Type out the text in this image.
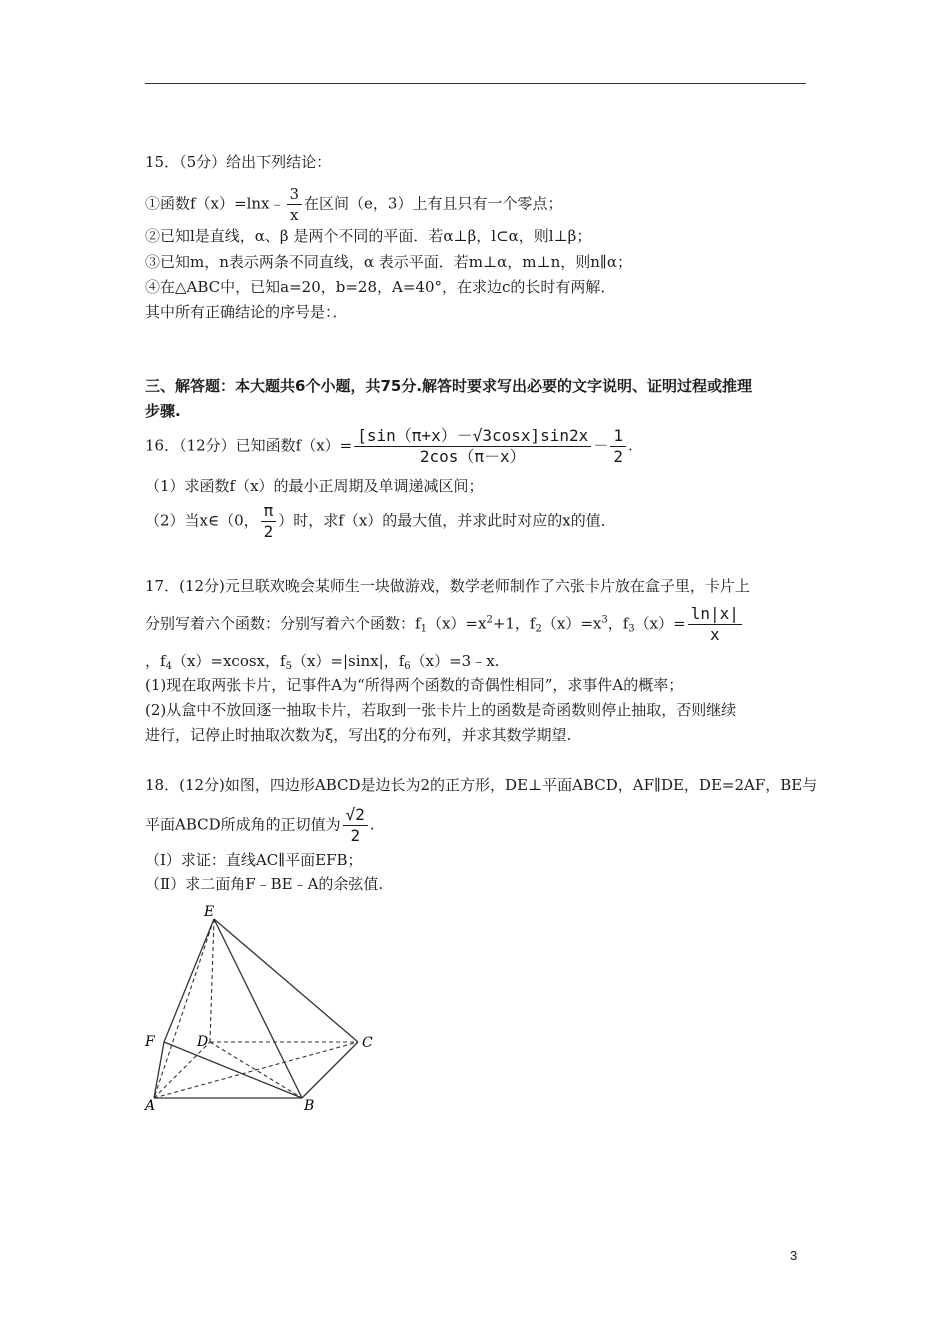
15．（5分）给出下列结论：
①函数f（x）=lnx﹣ $\frac{3}{x}$ 在区间（e，3）上有且只有一个零点；
②已知l是直线，α、β 是两个不同的平面．若α⊥β，l⊂α，则l⊥β；
③已知m，n表示两条不同直线，α 表示平面．若m⊥α，m⊥n，则n∥α；
④在△ABC中，已知a=20，b=28，A=40°，在求边c的长时有两解．
其中所有正确结论的序号是：．
三、解答题：本大题共6个小题，共75分.解答时要求写出必要的文字说明、证明过程或推理
步骤.
16．（12分）已知函数$f(x)= \frac{[\sin(\pi+x)-√3\cos x]\sin 2x}{2\cos(\pi-x)} - \frac{1}{2}$ .
（1）求函数f（x）的最小正周期及单调递减区间；
（2）当x∈（0， $\frac{\pi}{2}$ ）时，求f（x）的最大值，并求此时对应的x的值．
17．(12分)元旦联欢晚会某师生一块做游戏，数学老师制作了六张卡片放在盒子里，卡片上
分别写着六个函数：分别写着六个函数：$f_1(x)=x^2+1$，$f_2(x)=x^3$，$f_3(x)= \frac{\ln|x|}{x}$
，$f_4(x)=xcosx$，$f_5(x)=|\sin x|$，$f_6(x)=3﹣x$.
(1)现在取两张卡片，记事件A为“所得两个函数的奇偶性相同”，求事件A的概率；
(2)从盒中不放回逐一抽取卡片，若取到一张卡片上的函数是奇函数则停止抽取，否则继续
进行，记停止时抽取次数为ξ，写出ξ的分布列，并求其数学期望.
18．(12分)如图，四边形ABCD是边长为2的正方形，DE⊥平面ABCD，AF∥DE，DE=2AF，BE与
平面ABCD所成角的正切值为 $\frac{√2}{2}$ .
（Ⅰ）求证：直线AC∥平面EFB；
（Ⅱ）求二面角F﹣BE﹣A的余弦值.
E
F	D	C
A	B
3
